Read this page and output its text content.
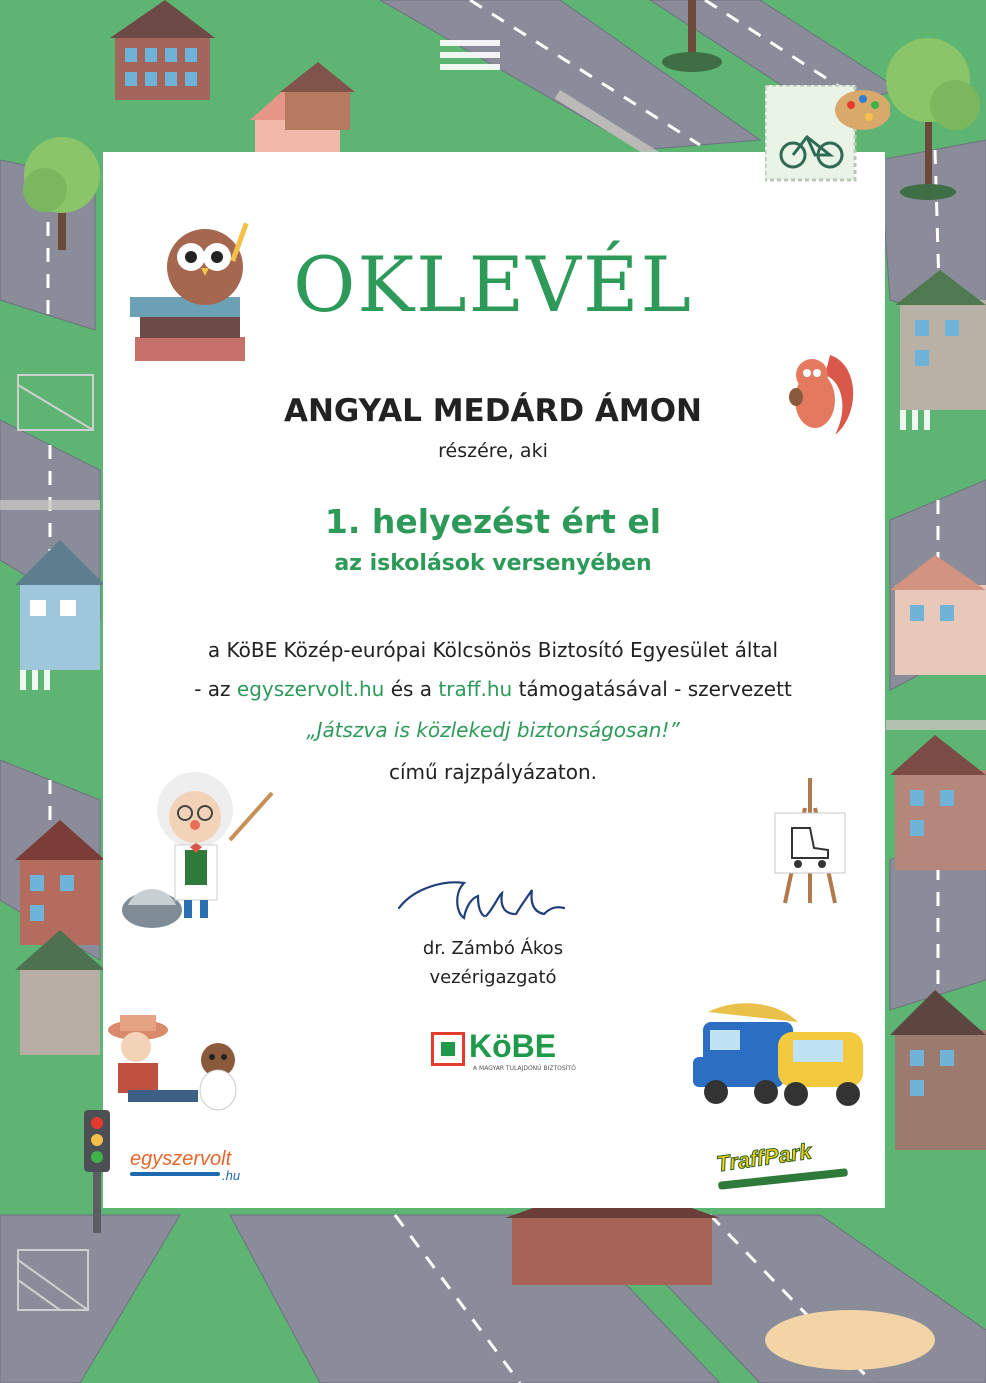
OKLEVÉL
ANGYAL MEDÁRD ÁMON
részére, aki
1. helyezést ért el
az iskolások versenyében
a KöBE Közép-európai Kölcsönös Biztosító Egyesület által
- az egyszervolt.hu és a traff.hu támogatásával - szervezett
„Játszva is közlekedj biztonságosan!”
című rajzpályázaton.
dr. Zámbó Ákos
vezérigazgató
KöBE
A MAGYAR TULAJDONÚ BIZTOSÍTÓ
egyszervolt
.hu	TraffPark
